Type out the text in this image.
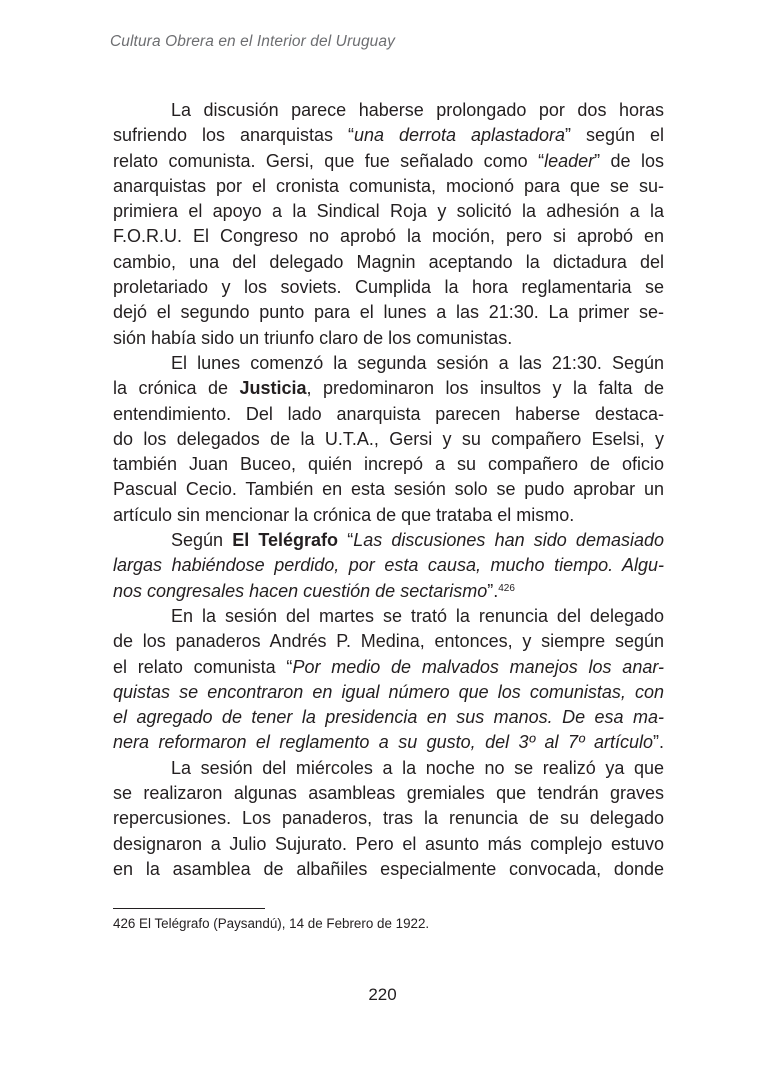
Cultura Obrera en el Interior del Uruguay
La discusión parece haberse prolongado por dos horas
sufriendo los anarquistas “una derrota aplastadora” según el
relato comunista. Gersi, que fue señalado como “leader” de los
anarquistas por el cronista comunista, mocionó para que se su-
primiera el apoyo a la Sindical Roja y solicitó la adhesión a la
F.O.R.U. El Congreso no aprobó la moción, pero si aprobó en
cambio, una del delegado Magnin aceptando la dictadura del
proletariado y los soviets. Cumplida la hora reglamentaria se
dejó el segundo punto para el lunes a las 21:30. La primer se-
sión había sido un triunfo claro de los comunistas.
El lunes comenzó la segunda sesión a las 21:30. Según
la crónica de Justicia, predominaron los insultos y la falta de
entendimiento. Del lado anarquista parecen haberse destaca-
do los delegados de la U.T.A., Gersi y su compañero Eselsi, y
también Juan Buceo, quién increpó a su compañero de oficio
Pascual Cecio. También en esta sesión solo se pudo aprobar un
artículo sin mencionar la crónica de que trataba el mismo.
Según El Telégrafo “Las discusiones han sido demasiado
largas habiéndose perdido, por esta causa, mucho tiempo. Algu-
nos congresales hacen cuestión de sectarismo”.$^{426}$
En la sesión del martes se trató la renuncia del delegado
de los panaderos Andrés P. Medina, entonces, y siempre según
el relato comunista “Por medio de malvados manejos los anar-
quistas se encontraron en igual número que los comunistas, con
el agregado de tener la presidencia en sus manos. De esa ma-
nera reformaron el reglamento a su gusto, del 3º al 7º artículo”.
La sesión del miércoles a la noche no se realizó ya que
se realizaron algunas asambleas gremiales que tendrán graves
repercusiones. Los panaderos, tras la renuncia de su delegado
designaron a Julio Sujurato. Pero el asunto más complejo estuvo
en la asamblea de albañiles especialmente convocada, donde
426 El Telégrafo (Paysandú), 14 de Febrero de 1922.
220
